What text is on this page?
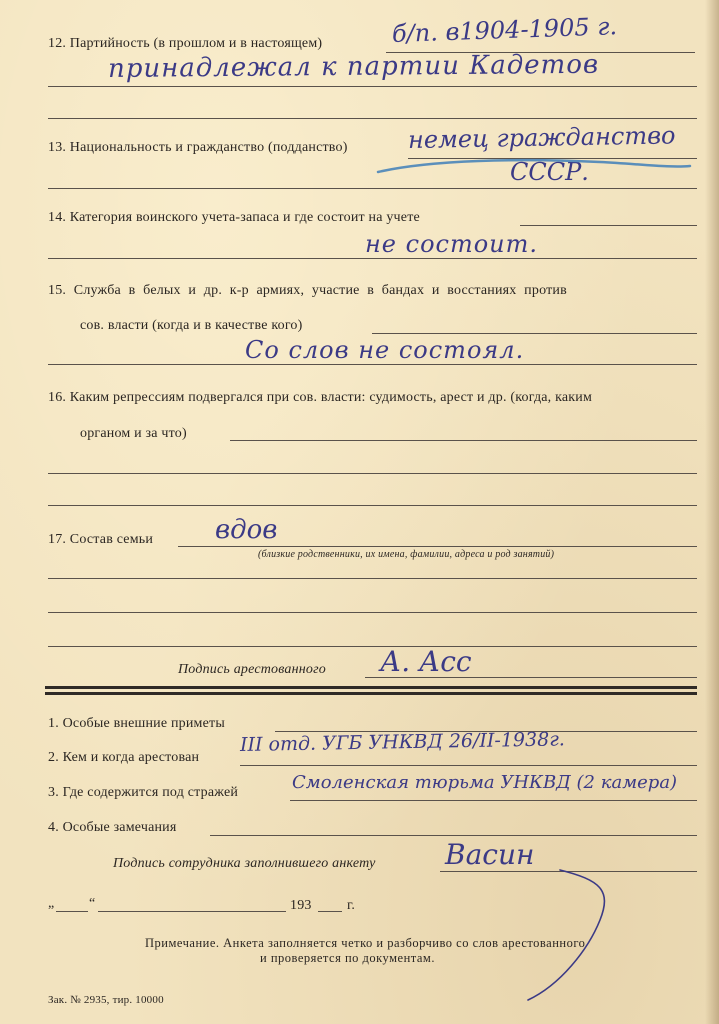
12. Партийность (в прошлом и в настоящем)	б/п. в1904-1905 г.
принадлежал к партии Кадетов
13. Национальность и гражданство (подданство)	немец гражданство
СССР.
14. Категория воинского учета-запаса и где состоит на учете
не состоит.
15. Служба в белых и др. к-р армиях, участие в бандах и восстаниях против
сов. власти (когда и в качестве кого)
Со слов не состоял.
16. Каким репрессиям подвергался при сов. власти: судимость, арест и др. (когда, каким
органом и за что)
17. Состав семьи вдов
(близкие родственники, их имена, фамилии, адреса и род занятий)
Подпись арестованного А. Асс
1. Особые внешние приметы
2. Кем и когда арестован
III отд. УГБ УНКВД 26/II-1938г.
3. Где содержится под стражей	Смоленская тюрьма УНКВД (2 камера)
4. Особые замечания
Подпись сотрудника заполнившего анкету Васин
„ “	193	г.
Примечание. Анкета заполняется четко и разборчиво со слов арестованного
и проверяется по документам.
Зак. № 2935, тир. 10000
